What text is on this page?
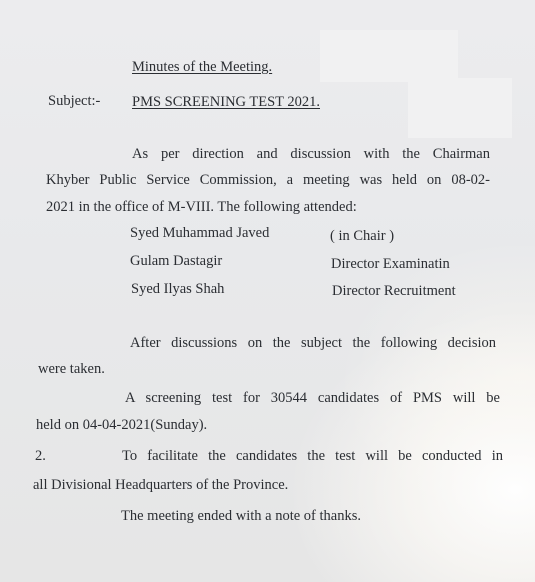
Minutes of the Meeting.
Subject:- PMS SCREENING TEST 2021.
As per direction and discussion with the Chairman
Khyber Public Service Commission, a meeting was held on 08-02-
2021 in the office of M-VIII. The following attended:
Syed Muhammad Javed	( in Chair )
Gulam Dastagir	Director Examinatin
Syed Ilyas Shah	Director Recruitment
After discussions on the subject the following decision
were taken.
A screening test for 30544 candidates of PMS will be
held on 04-04-2021(Sunday).
2.	To facilitate the candidates the test will be conducted in
all Divisional Headquarters of the Province.
The meeting ended with a note of thanks.
